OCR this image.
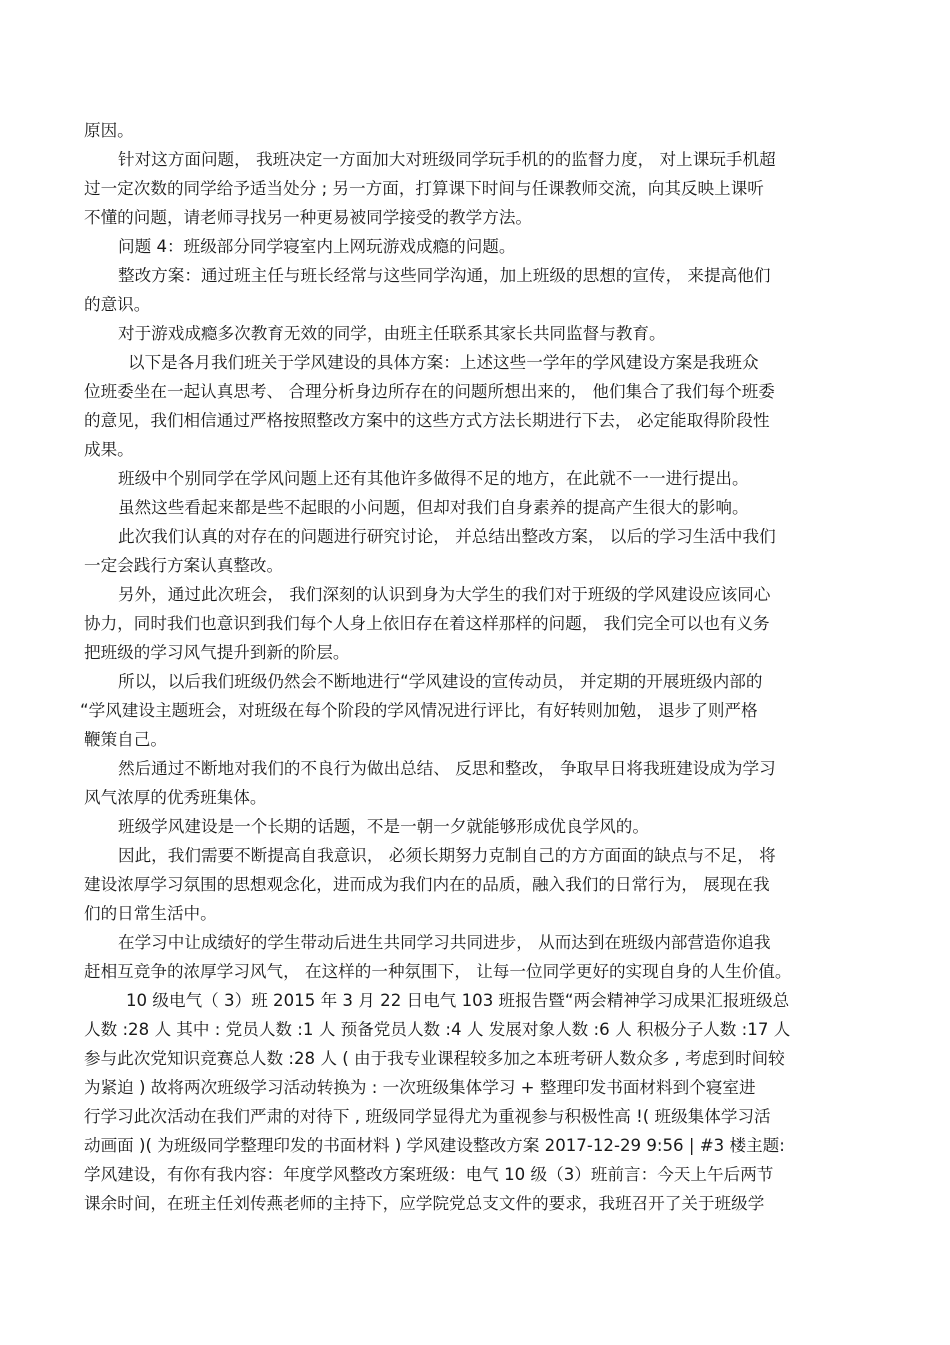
原因。
针对这方面问题， 我班决定一方面加大对班级同学玩手机的的监督力度， 对上课玩手机超
过一定次数的同学给予适当处分 ; 另一方面，打算课下时间与任课教师交流，向其反映上课听
不懂的问题，请老师寻找另一种更易被同学接受的教学方法。
问题 4：班级部分同学寝室内上网玩游戏成瘾的问题。
整改方案：通过班主任与班长经常与这些同学沟通，加上班级的思想的宣传， 来提高他们
的意识。
对于游戏成瘾多次教育无效的同学，由班主任联系其家长共同监督与教育。
以下是各月我们班关于学风建设的具体方案：上述这些一学年的学风建设方案是我班众
位班委坐在一起认真思考、 合理分析身边所存在的问题所想出来的， 他们集合了我们每个班委
的意见，我们相信通过严格按照整改方案中的这些方式方法长期进行下去， 必定能取得阶段性
成果。
班级中个别同学在学风问题上还有其他许多做得不足的地方，在此就不一一进行提出。
虽然这些看起来都是些不起眼的小问题，但却对我们自身素养的提高产生很大的影响。
此次我们认真的对存在的问题进行研究讨论， 并总结出整改方案， 以后的学习生活中我们
一定会践行方案认真整改。
另外，通过此次班会， 我们深刻的认识到身为大学生的我们对于班级的学风建设应该同心
协力，同时我们也意识到我们每个人身上依旧存在着这样那样的问题， 我们完全可以也有义务
把班级的学习风气提升到新的阶层。
所以，以后我们班级仍然会不断地进行“学风建设的宣传动员， 并定期的开展班级内部的
“学风建设主题班会，对班级在每个阶段的学风情况进行评比，有好转则加勉， 退步了则严格
鞭策自己。
然后通过不断地对我们的不良行为做出总结、 反思和整改， 争取早日将我班建设成为学习
风气浓厚的优秀班集体。
班级学风建设是一个长期的话题，不是一朝一夕就能够形成优良学风的。
因此，我们需要不断提高自我意识， 必须长期努力克制自己的方方面面的缺点与不足， 将
建设浓厚学习氛围的思想观念化，进而成为我们内在的品质，融入我们的日常行为， 展现在我
们的日常生活中。
在学习中让成绩好的学生带动后进生共同学习共同进步， 从而达到在班级内部营造你追我
赶相互竞争的浓厚学习风气， 在这样的一种氛围下， 让每一位同学更好的实现自身的人生价值。
10 级电气（ 3）班 2015 年 3 月 22 日电气 103 班报告暨“两会精神学习成果汇报班级总
人数 :28 人 其中 : 党员人数 :1 人 预备党员人数 :4 人 发展对象人数 :6 人 积极分子人数 :17 人
参与此次党知识竞赛总人数 :28 人 ( 由于我专业课程较多加之本班考研人数众多 , 考虑到时间较
为紧迫 ) 故将两次班级学习活动转换为 : 一次班级集体学习 + 整理印发书面材料到个寝室进
行学习此次活动在我们严肃的对待下 , 班级同学显得尤为重视参与积极性高 !( 班级集体学习活
动画面 )( 为班级同学整理印发的书面材料 ) 学风建设整改方案 2017-12-29 9:56 | #3 楼主题:
学风建设，有你有我内容：年度学风整改方案班级：电气 10 级（3）班前言：今天上午后两节
课余时间，在班主任刘传燕老师的主持下，应学院党总支文件的要求，我班召开了关于班级学
